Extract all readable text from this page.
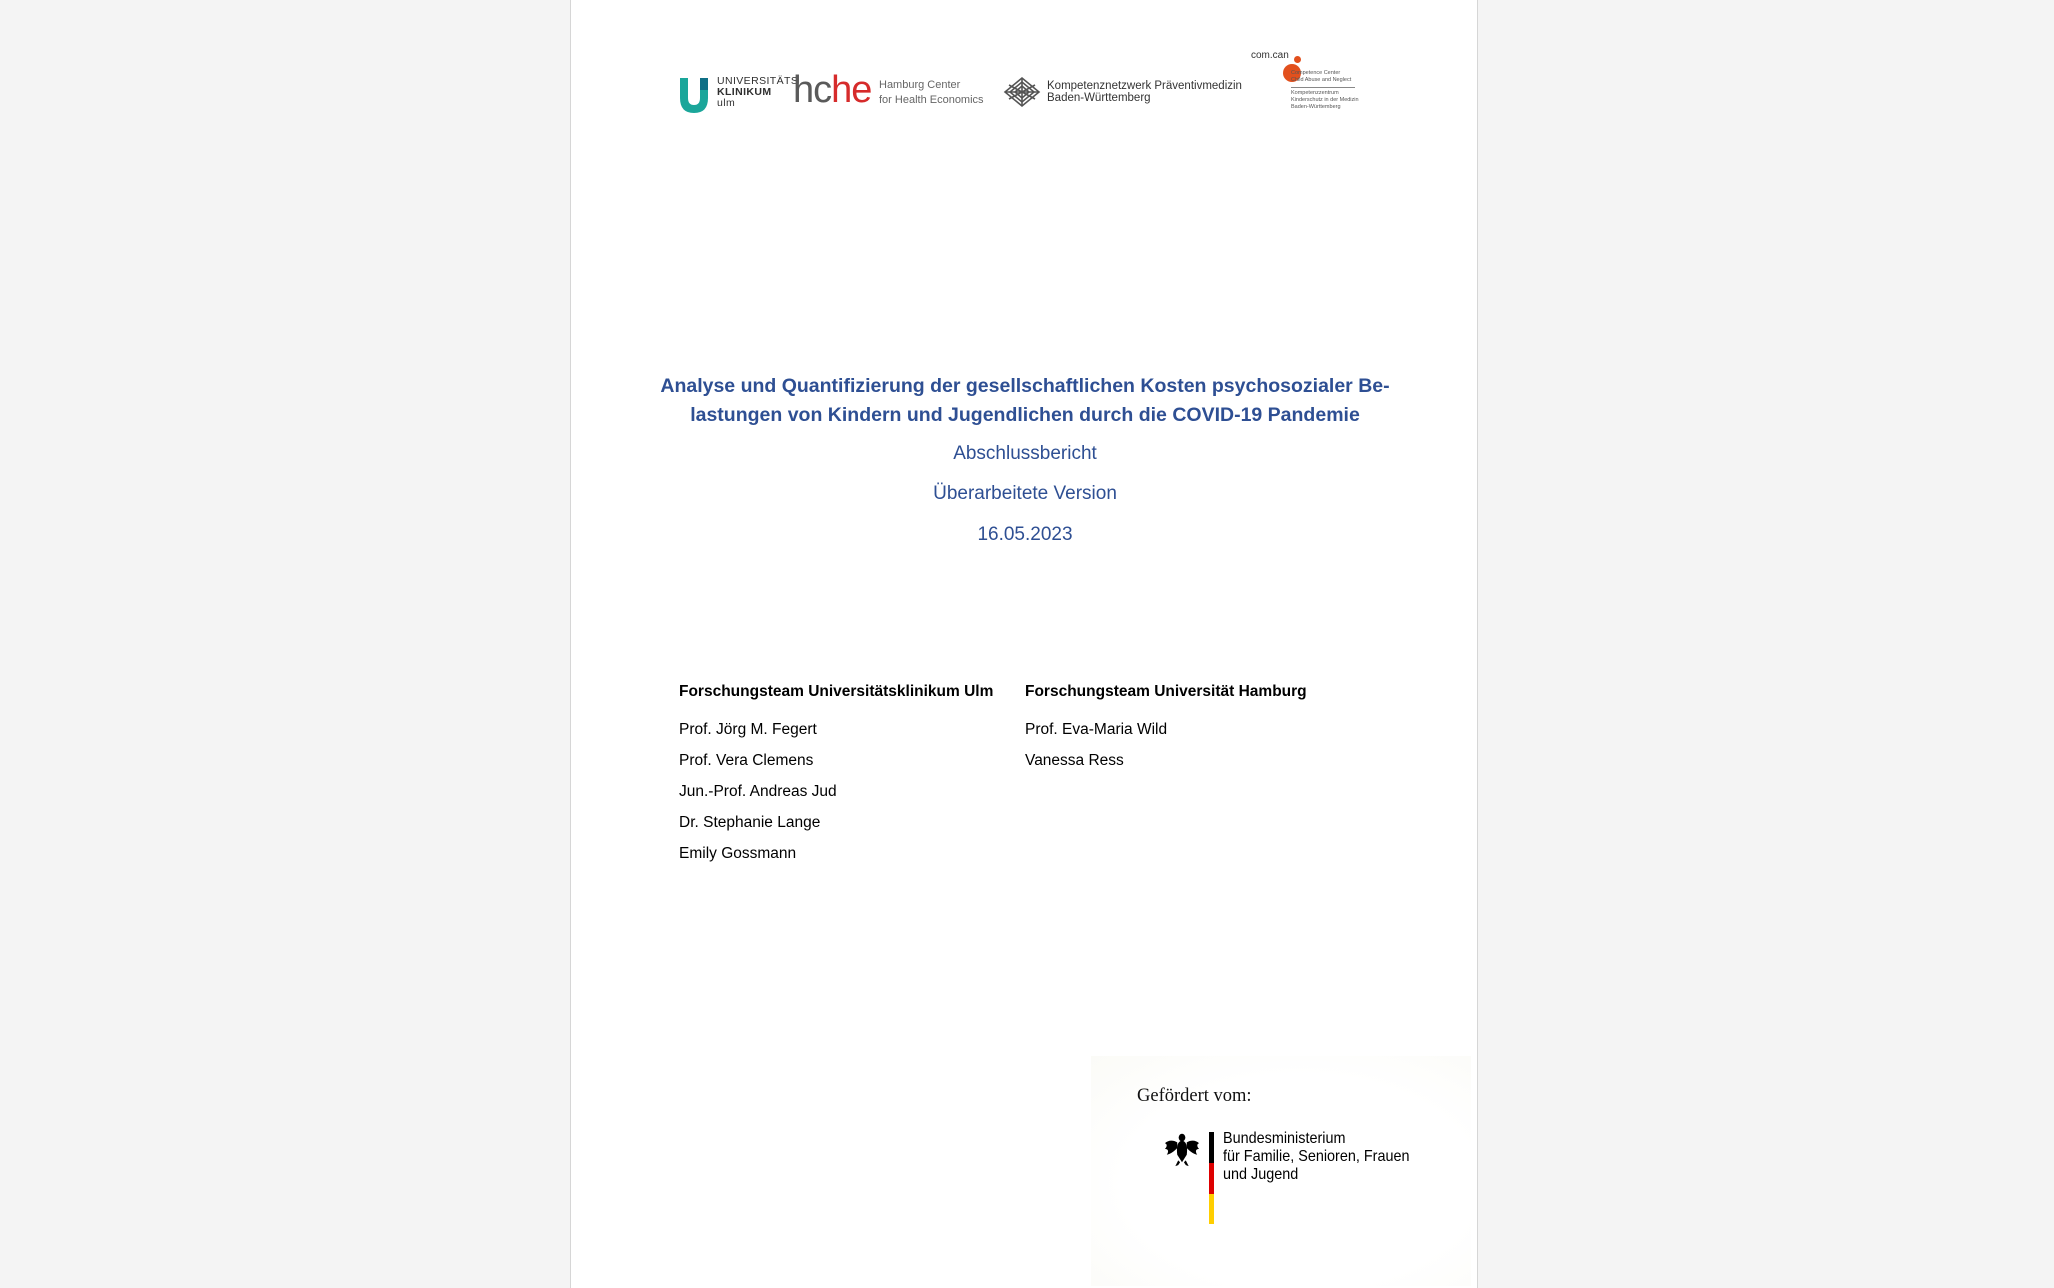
UNIVERSITÄTS
KLINIKUM
ulm	hche Hamburg Center
for Health Economics
Kompetenznetzwerk Präventivmedizin
Baden-Württemberg
com.can
Competence Center
Child Abuse and Neglect
Kompetenzzentrum
Kinderschutz in der Medizin
Baden-Württemberg

Analyse und Quantifizierung der gesellschaftlichen Kosten psychosozialer Be-

lastungen von Kindern und Jugendlichen durch die COVID-19 Pandemie

Abschlussbericht

Überarbeitete Version

16.05.2023

Forschungsteam Universitätsklinikum Ulm

Prof. Jörg M. Fegert

Prof. Vera Clemens

Jun.-Prof. Andreas Jud

Dr. Stephanie Lange

Emily Gossmann

Forschungsteam Universität Hamburg

Prof. Eva-Maria Wild

Vanessa Ress

Gefördert vom:
Bundesministerium
für Familie, Senioren, Frauen
und Jugend
